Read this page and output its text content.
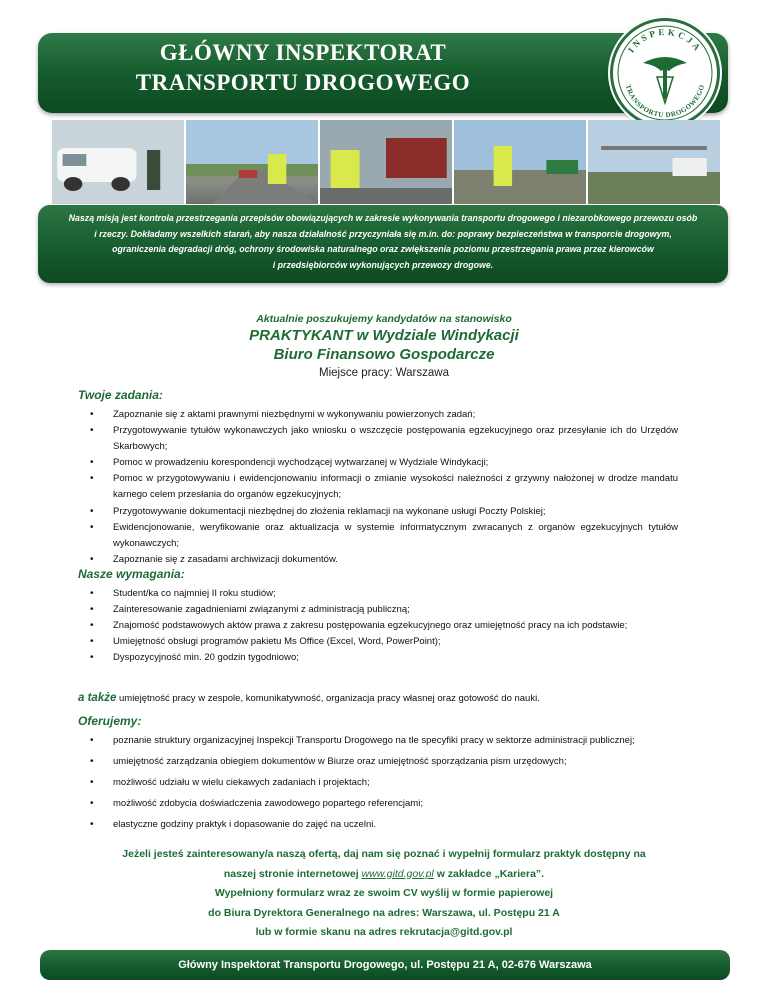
GŁÓWNY INSPEKTORAT
TRANSPORTU DROGOWEGO
INSPEKCJA
TRANSPORTU DROGOWEGO
Naszą misją jest kontrola przestrzegania przepisów obowiązujących w zakresie wykonywania transportu drogowego i niezarobkowego przewozu osób
i rzeczy. Dokładamy wszelkich starań, aby nasza działalność przyczyniała się m.in. do: poprawy bezpieczeństwa w transporcie drogowym,
ograniczenia degradacji dróg, ochrony środowiska naturalnego oraz zwiększenia poziomu przestrzegania prawa przez kierowców
i przedsiębiorców wykonujących przewozy drogowe.
Aktualnie poszukujemy kandydatów na stanowisko
PRAKTYKANT w Wydziale Windykacji
Biuro Finansowo Gospodarcze
Miejsce pracy: Warszawa
Twoje zadania:
• Zapoznanie się z aktami prawnymi niezbędnymi w wykonywaniu powierzonych zadań;
• Przygotowywanie tytułów wykonawczych jako wniosku o wszczęcie postępowania egzekucyjnego oraz przesyłanie ich do Urzędów Skarbowych;
• Pomoc w prowadzeniu korespondencji wychodzącej wytwarzanej w Wydziale Windykacji;
• Pomoc w przygotowywaniu i ewidencjonowaniu informacji o zmianie wysokości należności z grzywny nałożonej w drodze mandatu karnego celem przesłania do organów egzekucyjnych;
• Przygotowywanie dokumentacji niezbędnej do złożenia reklamacji na wykonane usługi Poczty Polskiej;
• Ewidencjonowanie, weryfikowanie oraz aktualizacja w systemie informatycznym zwracanych z organów egzekucyjnych tytułów wykonawczych;
• Zapoznanie się z zasadami archiwizacji dokumentów.
Nasze wymagania:
• Student/ka co najmniej II roku studiów;
• Zainteresowanie zagadnieniami związanymi z administracją publiczną;
• Znajomość podstawowych aktów prawa z zakresu postępowania egzekucyjnego oraz umiejętność pracy na ich podstawie;
• Umiejętność obsługi programów pakietu Ms Office (Excel, Word, PowerPoint);
• Dyspozycyjność min. 20 godzin tygodniowo;
a także umiejętność pracy w zespole, komunikatywność, organizacja pracy własnej oraz gotowość do nauki.
Oferujemy:
• poznanie struktury organizacyjnej Inspekcji Transportu Drogowego na tle specyfiki pracy w sektorze administracji publicznej;
• umiejętność zarządzania obiegiem dokumentów w Biurze oraz umiejętność sporządzania pism urzędowych;
• możliwość udziału w wielu ciekawych zadaniach i projektach;
• możliwość zdobycia doświadczenia zawodowego popartego referencjami;
• elastyczne godziny praktyk i dopasowanie do zajęć na uczelni.
Jeżeli jesteś zainteresowany/a naszą ofertą, daj nam się poznać i wypełnij formularz praktyk dostępny na
naszej stronie internetowej www.gitd.gov.pl w zakładce „Kariera”.
Wypełniony formularz wraz ze swoim CV wyślij w formie papierowej
do Biura Dyrektora Generalnego na adres: Warszawa, ul. Postępu 21 A
lub w formie skanu na adres rekrutacja@gitd.gov.pl
Główny Inspektorat Transportu Drogowego, ul. Postępu 21 A, 02-676 Warszawa
